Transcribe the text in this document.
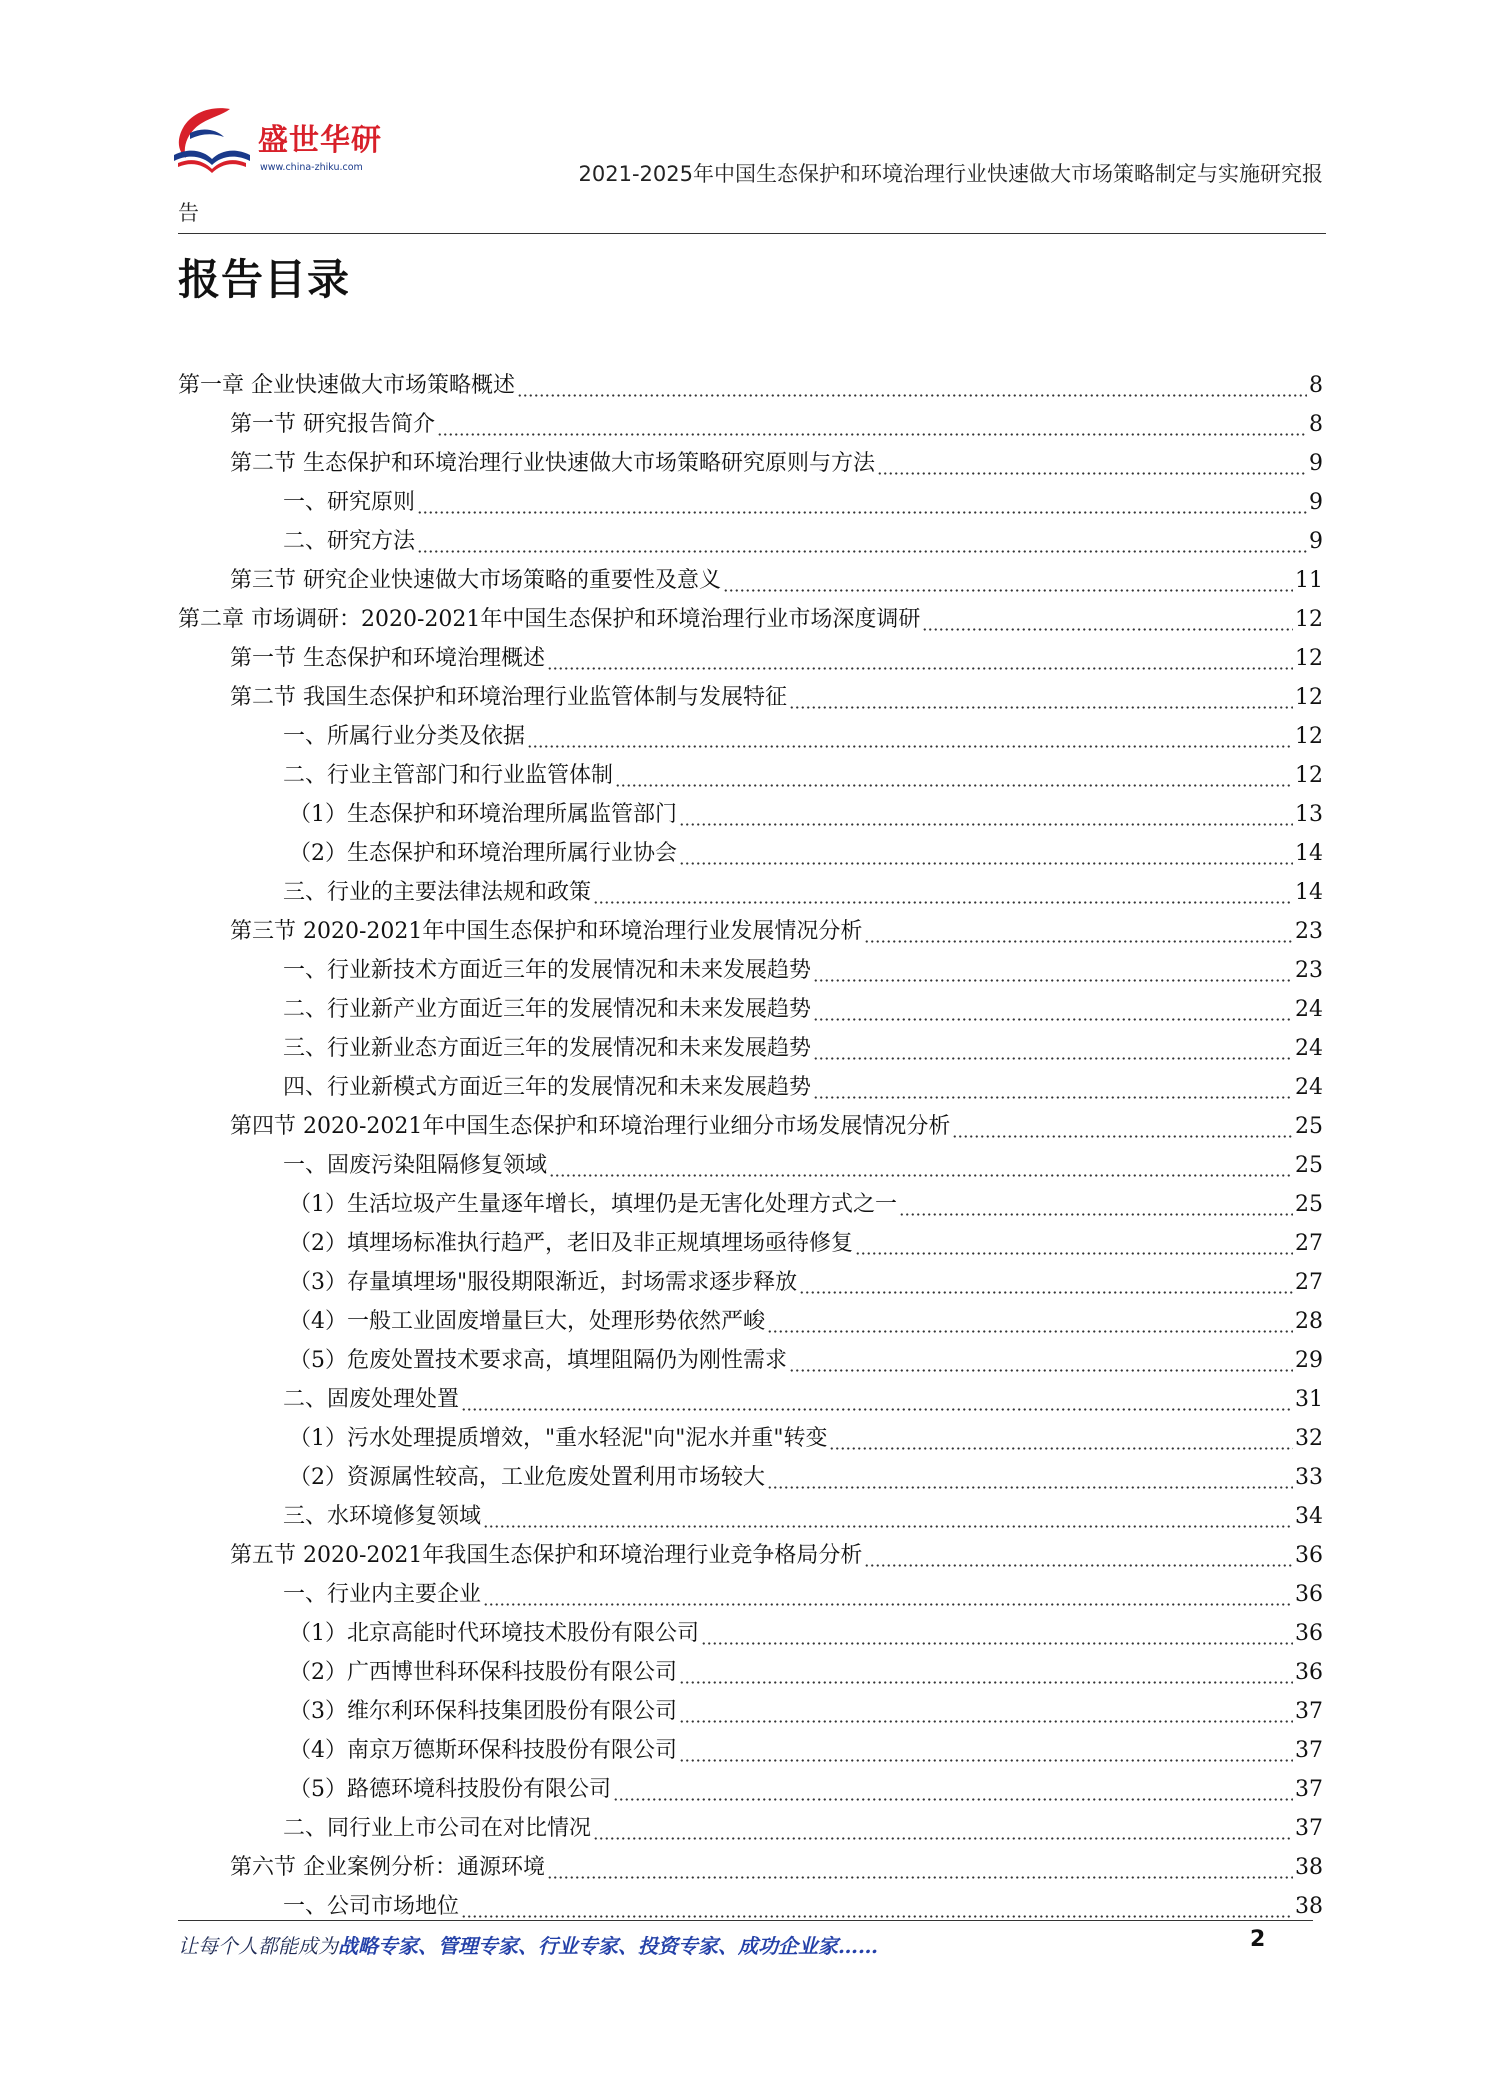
盛世华研
www.china-zhiku.com	2021-2025年中国生态保护和环境治理行业快速做大市场策略制定与实施研究报
告
报告目录
第一章 企业快速做大市场策略概述	8
第一节 研究报告简介	8
第二节 生态保护和环境治理行业快速做大市场策略研究原则与方法	9
一、研究原则	9
二、研究方法	9
第三节 研究企业快速做大市场策略的重要性及意义	11
第二章 市场调研：2020-2021年中国生态保护和环境治理行业市场深度调研	12
第一节 生态保护和环境治理概述	12
第二节 我国生态保护和环境治理行业监管体制与发展特征	12
一、所属行业分类及依据	12
二、行业主管部门和行业监管体制	12
（1）生态保护和环境治理所属监管部门	13
（2）生态保护和环境治理所属行业协会	14
三、行业的主要法律法规和政策	14
第三节 2020-2021年中国生态保护和环境治理行业发展情况分析	23
一、行业新技术方面近三年的发展情况和未来发展趋势	23
二、行业新产业方面近三年的发展情况和未来发展趋势	24
三、行业新业态方面近三年的发展情况和未来发展趋势	24
四、行业新模式方面近三年的发展情况和未来发展趋势	24
第四节 2020-2021年中国生态保护和环境治理行业细分市场发展情况分析	25
一、固废污染阻隔修复领域	25
（1）生活垃圾产生量逐年增长，填埋仍是无害化处理方式之一	25
（2）填埋场标准执行趋严，老旧及非正规填埋场亟待修复	27
（3）存量填埋场"服役期限渐近，封场需求逐步释放	27
（4）一般工业固废增量巨大，处理形势依然严峻	28
（5）危废处置技术要求高，填埋阻隔仍为刚性需求	29
二、固废处理处置	31
（1）污水处理提质增效，"重水轻泥"向"泥水并重"转变	32
（2）资源属性较高，工业危废处置利用市场较大	33
三、水环境修复领域	34
第五节 2020-2021年我国生态保护和环境治理行业竞争格局分析	36
一、行业内主要企业	36
（1）北京高能时代环境技术股份有限公司	36
（2）广西博世科环保科技股份有限公司	36
（3）维尔利环保科技集团股份有限公司	37
（4）南京万德斯环保科技股份有限公司	37
（5）路德环境科技股份有限公司	37
二、同行业上市公司在对比情况	37
第六节 企业案例分析：通源环境	38
一、公司市场地位	38
让每个人都能成为战略专家、管理专家、行业专家、投资专家、成功企业家……	2
